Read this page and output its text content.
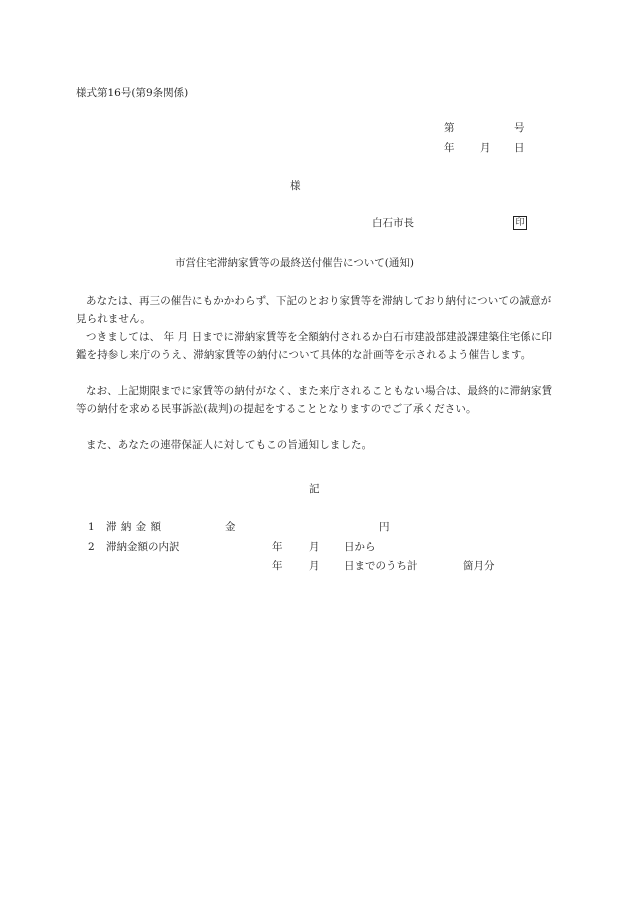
様式第16号(第9条関係)
第	号
年 月 日
様
白石市長	印
市営住宅滞納家賃等の最終送付催告について(通知)
あなたは、再三の催告にもかかわらず、下記のとおり家賃等を滞納しており納付についての誠意が見られません。
つきましては、 年 月 日までに滞納家賃等を全額納付されるか白石市建設部建設課建築住宅係に印鑑を持参し来庁のうえ、滞納家賃等の納付について具体的な計画等を示されるよう催告します。
なお、上記期限までに家賃等の納付がなく、また来庁されることもない場合は、最終的に滞納家賃等の納付を求める民事訴訟(裁判)の提起をすることとなりますのでご了承ください。
また、あなたの連帯保証人に対してもこの旨通知しました。
記
1 滞 納 金 額	金	円
2 滞納金額の内訳	年	月 日から
年	月 日までのうち計	箇月分
